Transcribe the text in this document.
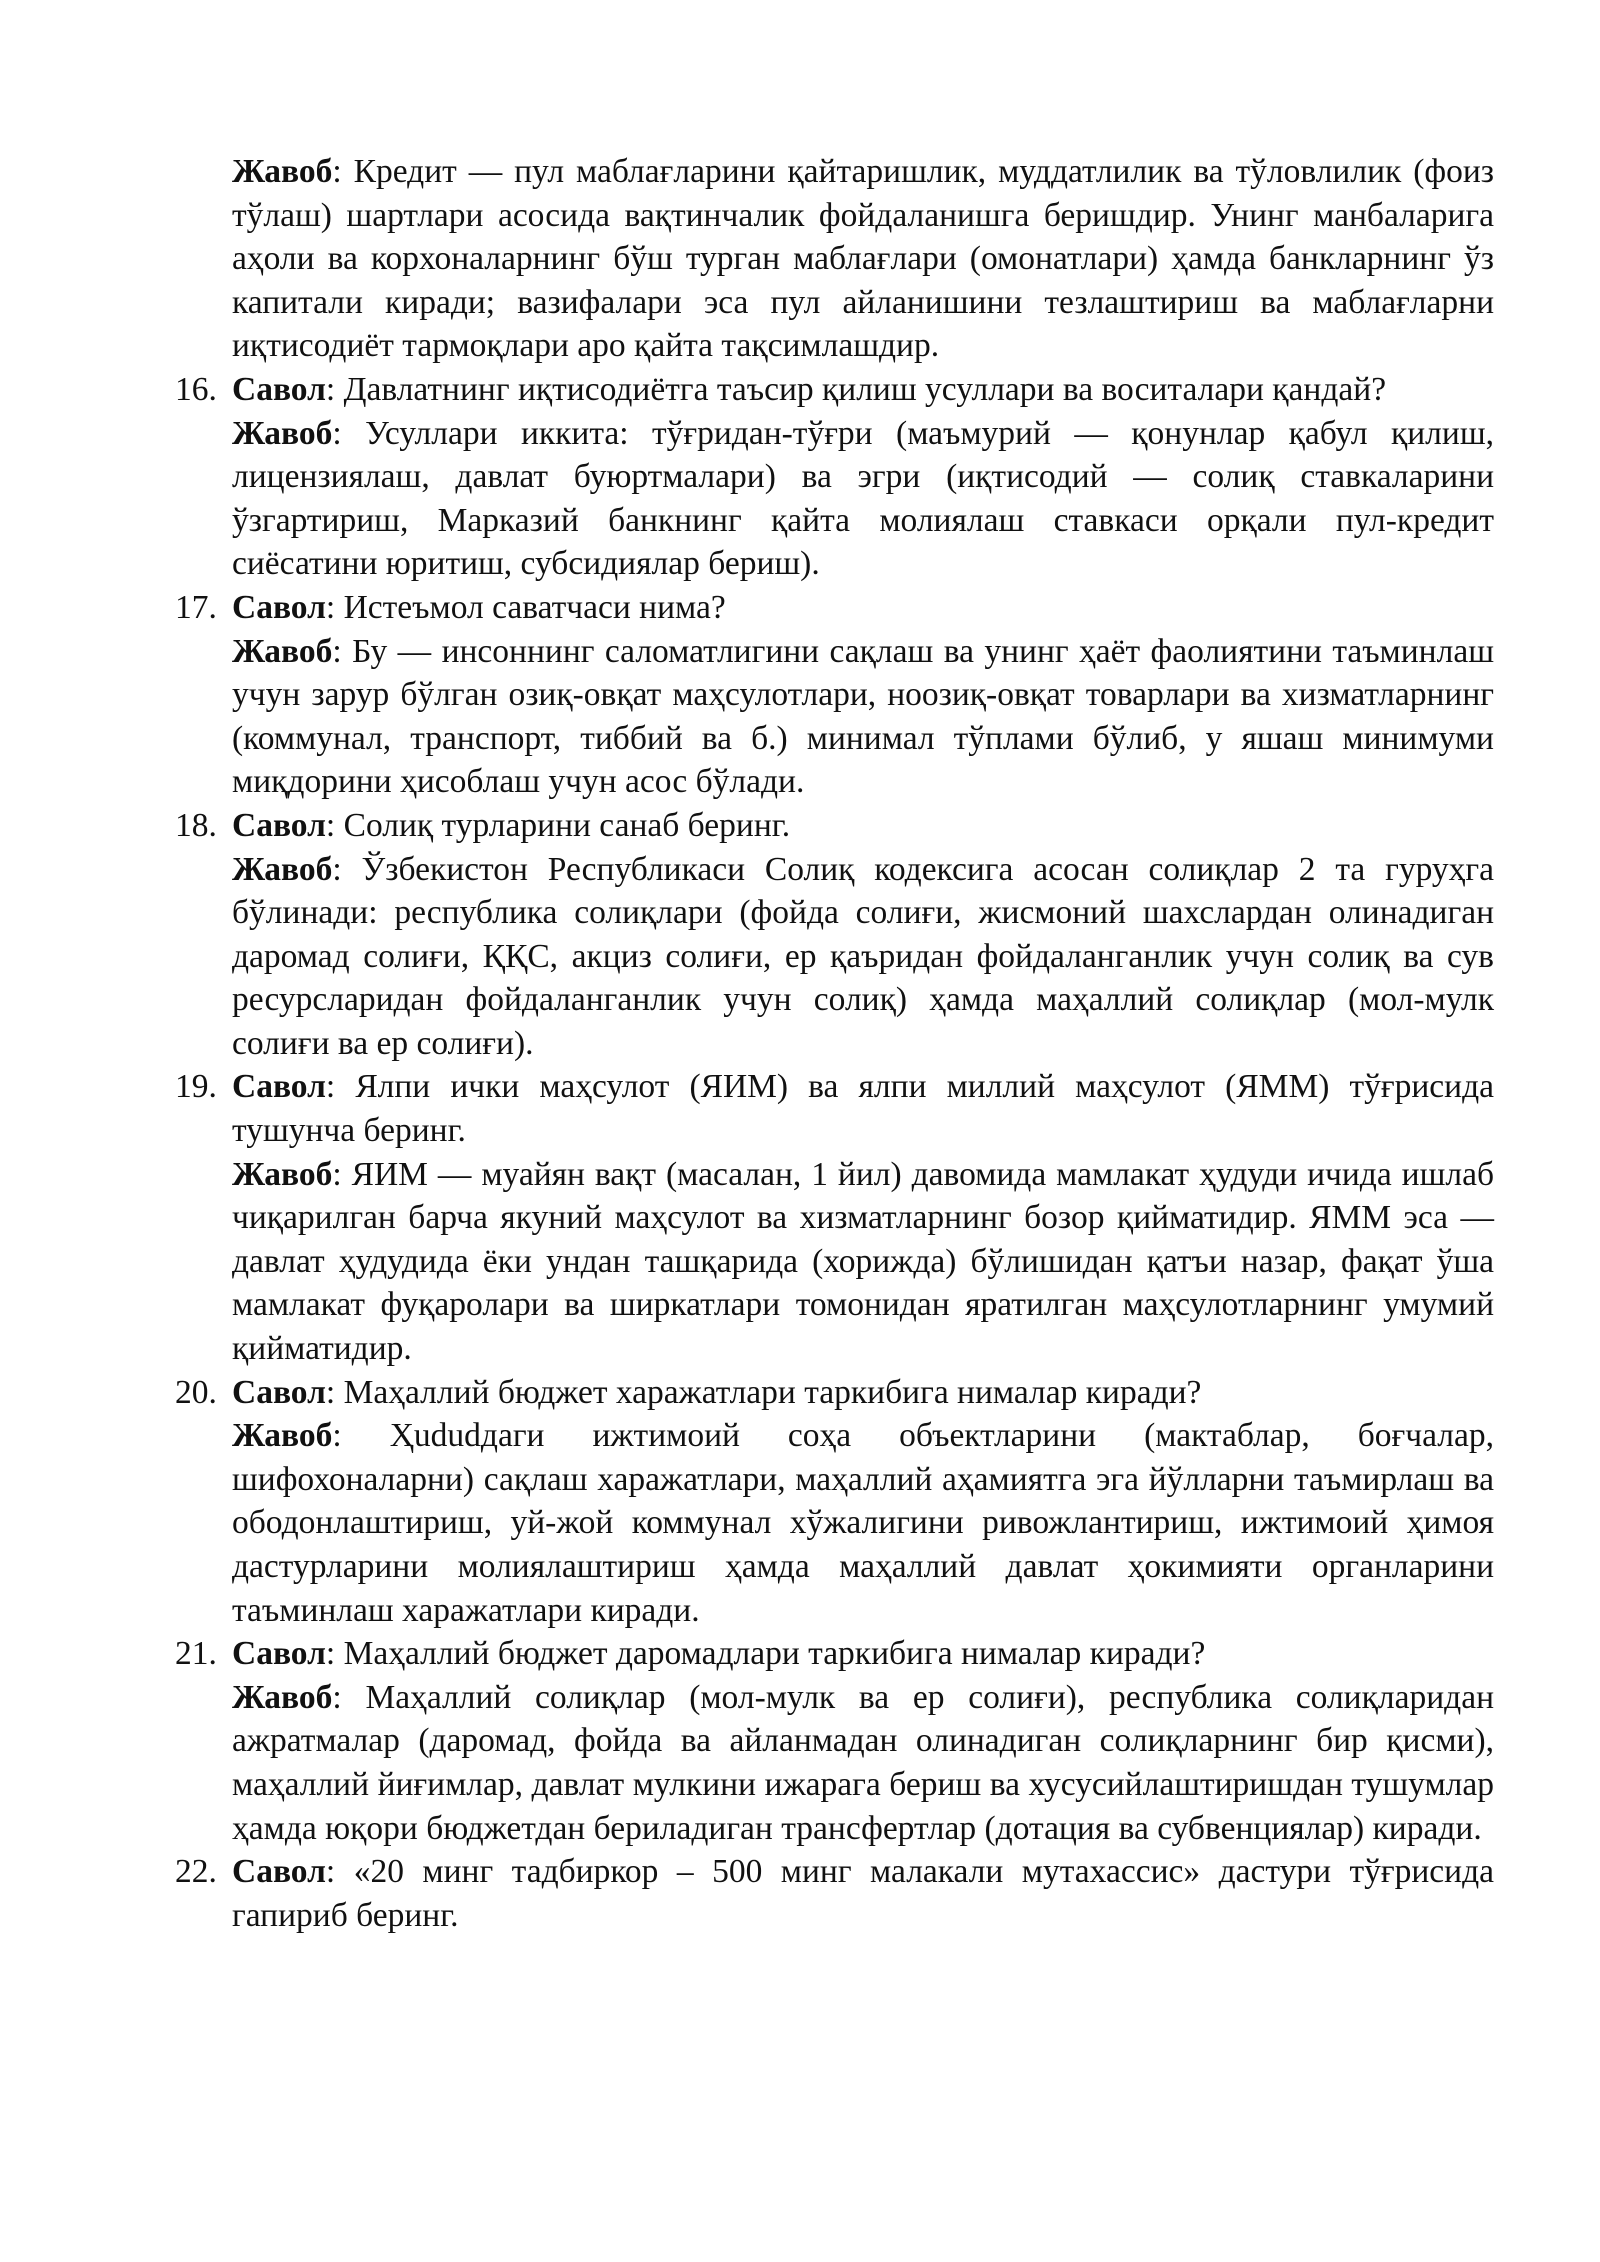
Жавоб: Кредит — пул маблағларини қайтаришлик, муддатлилик ва тўловлилик (фоиз тўлаш) шартлари асосида вақтинчалик фойдаланишга беришдир. Унинг манбаларига аҳоли ва корхоналарнинг бўш турган маблағлари (омонатлари) ҳамда банкларнинг ўз капитали киради; вазифалари эса пул айланишини тезлаштириш ва маблағларни иқтисодиёт тармоқлари аро қайта тақсимлашдир.
16. Савол: Давлатнинг иқтисодиётга таъсир қилиш усуллари ва воситалари қандай?
Жавоб: Усуллари иккита: тўғридан-тўғри (маъмурий — қонунлар қабул қилиш, лицензиялаш, давлат буюртмалари) ва эгри (иқтисодий — солиқ ставкаларини ўзгартириш, Марказий банкнинг қайта молиялаш ставкаси орқали пул-кредит сиёсатини юритиш, субсидиялар бериш).
17. Савол: Истеъмол саватчаси нима?
Жавоб: Бу — инсоннинг саломатлигини сақлаш ва унинг ҳаёт фаолиятини таъминлаш учун зарур бўлган озиқ-овқат маҳсулотлари, ноозиқ-овқат товарлари ва хизматларнинг (коммунал, транспорт, тиббий ва б.) минимал тўплами бўлиб, у яшаш минимуми миқдорини ҳисоблаш учун асос бўлади.
18. Савол: Солиқ турларини санаб беринг.
Жавоб: Ўзбекистон Республикаси Солиқ кодексига асосан солиқлар 2 та гуруҳга бўлинади: республика солиқлари (фойда солиғи, жисмоний шахслардан олинадиган даромад солиғи, ҚҚС, акциз солиғи, ер қаъридан фойдаланганлик учун солиқ ва сув ресурсларидан фойдаланганлик учун солиқ) ҳамда маҳаллий солиқлар (мол-мулк солиғи ва ер солиғи).
19. Савол: Ялпи ички маҳсулот (ЯИМ) ва ялпи миллий маҳсулот (ЯММ) тўғрисида тушунча беринг.
Жавоб: ЯИМ — муайян вақт (масалан, 1 йил) давомида мамлакат ҳудуди ичида ишлаб чиқарилган барча якуний маҳсулот ва хизматларнинг бозор қийматидир. ЯММ эса — давлат ҳудудида ёки ундан ташқарида (хорижда) бўлишидан қатъи назар, фақат ўша мамлакат фуқаролари ва ширкатлари томонидан яратилган маҳсулотларнинг умумий қийматидир.
20. Савол: Маҳаллий бюджет харажатлари таркибига нималар киради?
Жавоб: Ҳududдаги ижтимоий соҳа объектларини (мактаблар, боғчалар, шифохоналарни) сақлаш харажатлари, маҳаллий аҳамиятга эга йўлларни таъмирлаш ва ободонлаштириш, уй-жой коммунал хўжалигини ривожлантириш, ижтимоий ҳимоя дастурларини молиялаштириш ҳамда маҳаллий давлат ҳокимияти органларини таъминлаш харажатлари киради.
21. Савол: Маҳаллий бюджет даромадлари таркибига нималар киради?
Жавоб: Маҳаллий солиқлар (мол-мулк ва ер солиғи), республика солиқларидан ажратмалар (даромад, фойда ва айланмадан олинадиган солиқларнинг бир қисми), маҳаллий йиғимлар, давлат мулкини ижарага бериш ва хусусийлаштиришдан тушумлар ҳамда юқори бюджетдан бериладиган трансфертлар (дотация ва субвенциялар) киради.
22. Савол: «20 минг тадбиркор – 500 минг малакали мутахассис» дастури тўғрисида гапириб беринг.
